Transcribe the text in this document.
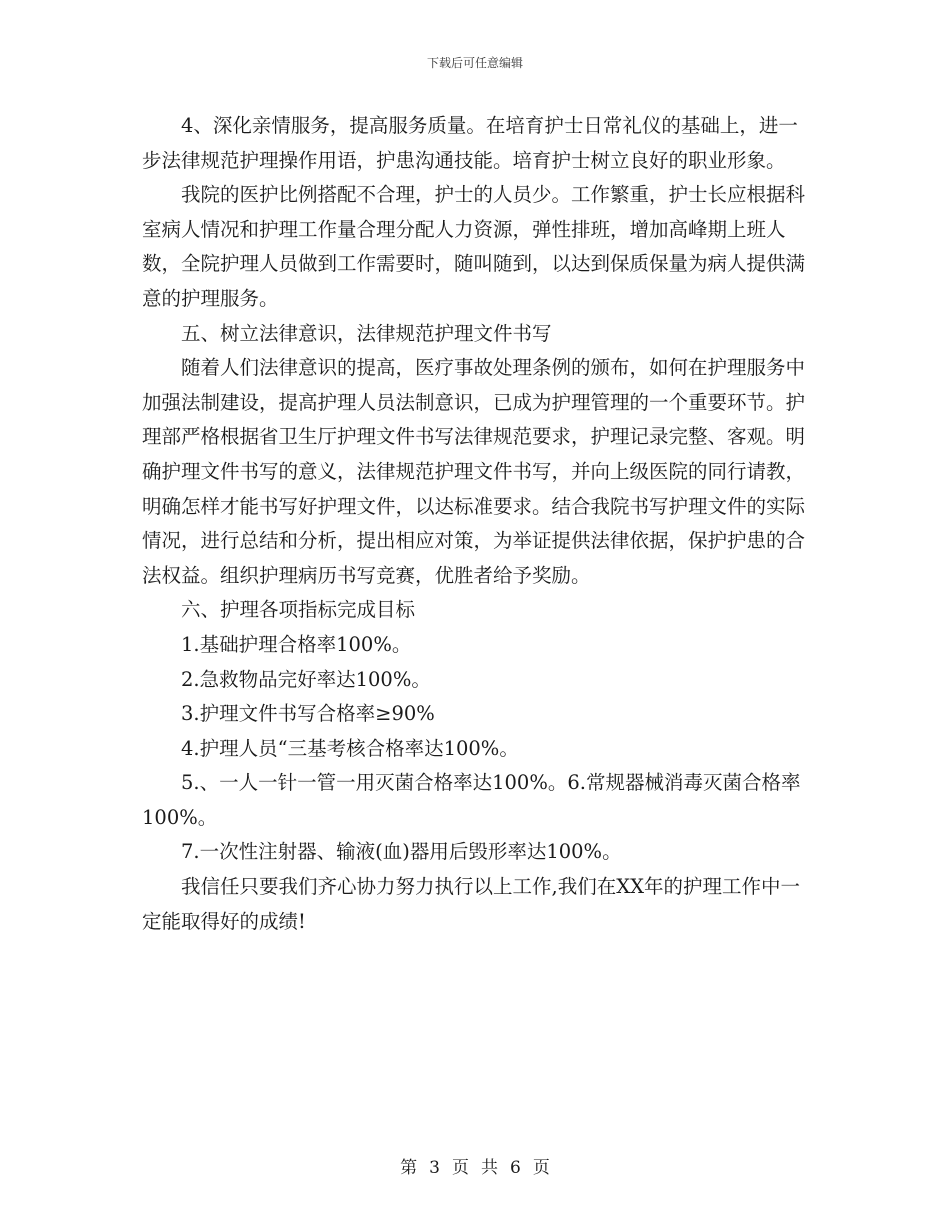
下载后可任意编辑

4、深化亲情服务，提高服务质量。在培育护士日常礼仪的基础上，进一步法律规范护理操作用语，护患沟通技能。培育护士树立良好的职业形象。

我院的医护比例搭配不合理，护士的人员少。工作繁重，护士长应根据科室病人情况和护理工作量合理分配人力资源，弹性排班，增加高峰期上班人数，全院护理人员做到工作需要时，随叫随到，以达到保质保量为病人提供满意的护理服务。

五、树立法律意识，法律规范护理文件书写

随着人们法律意识的提高，医疗事故处理条例的颁布，如何在护理服务中加强法制建设，提高护理人员法制意识，已成为护理管理的一个重要环节。护理部严格根据省卫生厅护理文件书写法律规范要求，护理记录完整、客观。明确护理文件书写的意义，法律规范护理文件书写，并向上级医院的同行请教，明确怎样才能书写好护理文件，以达标准要求。结合我院书写护理文件的实际情况，进行总结和分析，提出相应对策，为举证提供法律依据，保护护患的合法权益。组织护理病历书写竞赛，优胜者给予奖励。

六、护理各项指标完成目标

1.基础护理合格率100%。

2.急救物品完好率达100%。

3.护理文件书写合格率≥90%

4.护理人员“三基考核合格率达100%。

5.、一人一针一管一用灭菌合格率达100%。6.常规器械消毒灭菌合格率100%。

7.一次性注射器、输液(血)器用后毁形率达100%。

我信任只要我们齐心协力努力执行以上工作,我们在XX年的护理工作中一定能取得好的成绩!

第 3 页 共 6 页
